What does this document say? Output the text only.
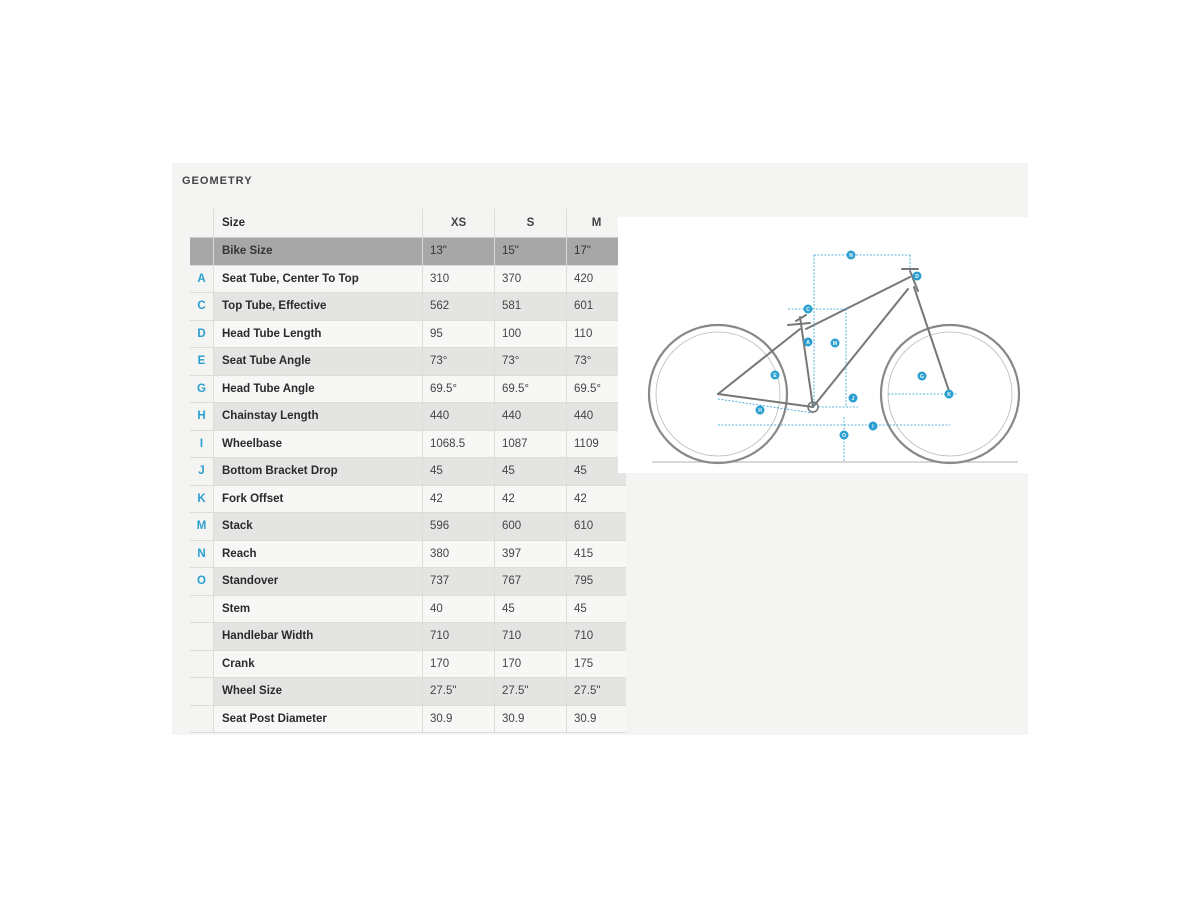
GEOMETRY
	Size	XS	S	M
	Bike Size	13"	15"	17"
A	Seat Tube, Center To Top	310	370	420
C	Top Tube, Effective	562	581	601
D	Head Tube Length	95	100	110
E	Seat Tube Angle	73°	73°	73°
G	Head Tube Angle	69.5°	69.5°	69.5°
H	Chainstay Length	440	440	440
I	Wheelbase	1068.5	1087	1109
J	Bottom Bracket Drop	45	45	45
K	Fork Offset	42	42	42
M	Stack	596	600	610
N	Reach	380	397	415
O	Standover	737	767	795
	Stem	40	45	45
	Handlebar Width	710	710	710
	Crank	170	170	175
	Wheel Size	27.5"	27.5"	27.5"
	Seat Post Diameter	30.9	30.9	30.9
N
D
C
A	M
E	G
K
J
H
I
O
